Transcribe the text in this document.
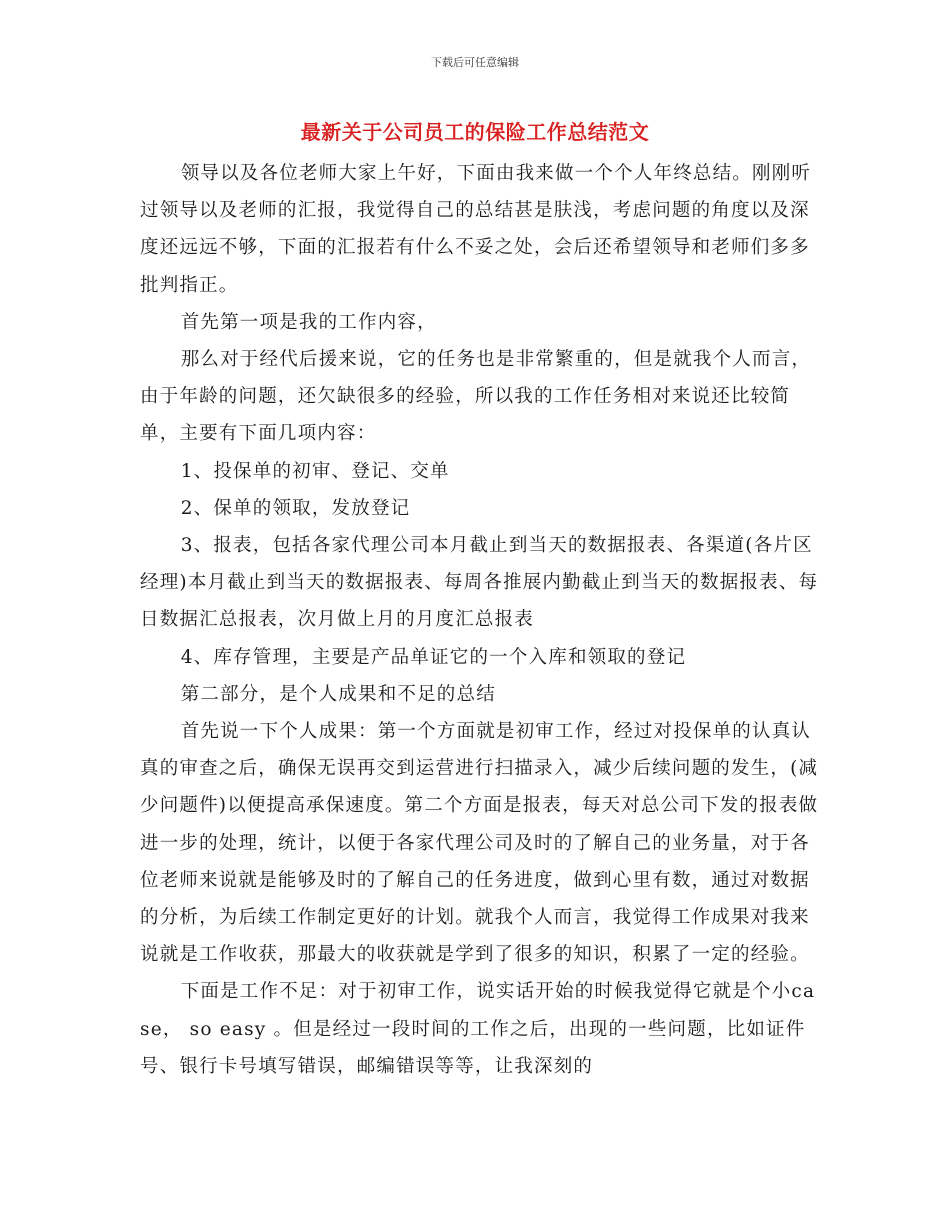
下载后可任意编辑
最新关于公司员工的保险工作总结范文

领导以及各位老师大家上午好，下面由我来做一个个人年终总结。刚刚听过领导以及老师的汇报，我觉得自己的总结甚是肤浅，考虑问题的角度以及深度还远远不够，下面的汇报若有什么不妥之处，会后还希望领导和老师们多多批判指正。

首先第一项是我的工作内容，

那么对于经代后援来说，它的任务也是非常繁重的，但是就我个人而言，由于年龄的问题，还欠缺很多的经验，所以我的工作任务相对来说还比较简单，主要有下面几项内容：

1、投保单的初审、登记、交单

2、保单的领取，发放登记

3、报表，包括各家代理公司本月截止到当天的数据报表、各渠道(各片区经理)本月截止到当天的数据报表、每周各推展内勤截止到当天的数据报表、每日数据汇总报表，次月做上月的月度汇总报表

4、库存管理，主要是产品单证它的一个入库和领取的登记

第二部分，是个人成果和不足的总结

首先说一下个人成果：第一个方面就是初审工作，经过对投保单的认真认真的审查之后，确保无误再交到运营进行扫描录入，减少后续问题的发生，(减少问题件)以便提高承保速度。第二个方面是报表，每天对总公司下发的报表做进一步的处理，统计，以便于各家代理公司及时的了解自己的业务量，对于各位老师来说就是能够及时的了解自己的任务进度，做到心里有数，通过对数据的分析，为后续工作制定更好的计划。就我个人而言，我觉得工作成果对我来说就是工作收获，那最大的收获就是学到了很多的知识，积累了一定的经验。

下面是工作不足：对于初审工作，说实话开始的时候我觉得它就是个小case， so easy 。但是经过一段时间的工作之后，出现的一些问题，比如证件号、银行卡号填写错误，邮编错误等等，让我深刻的
